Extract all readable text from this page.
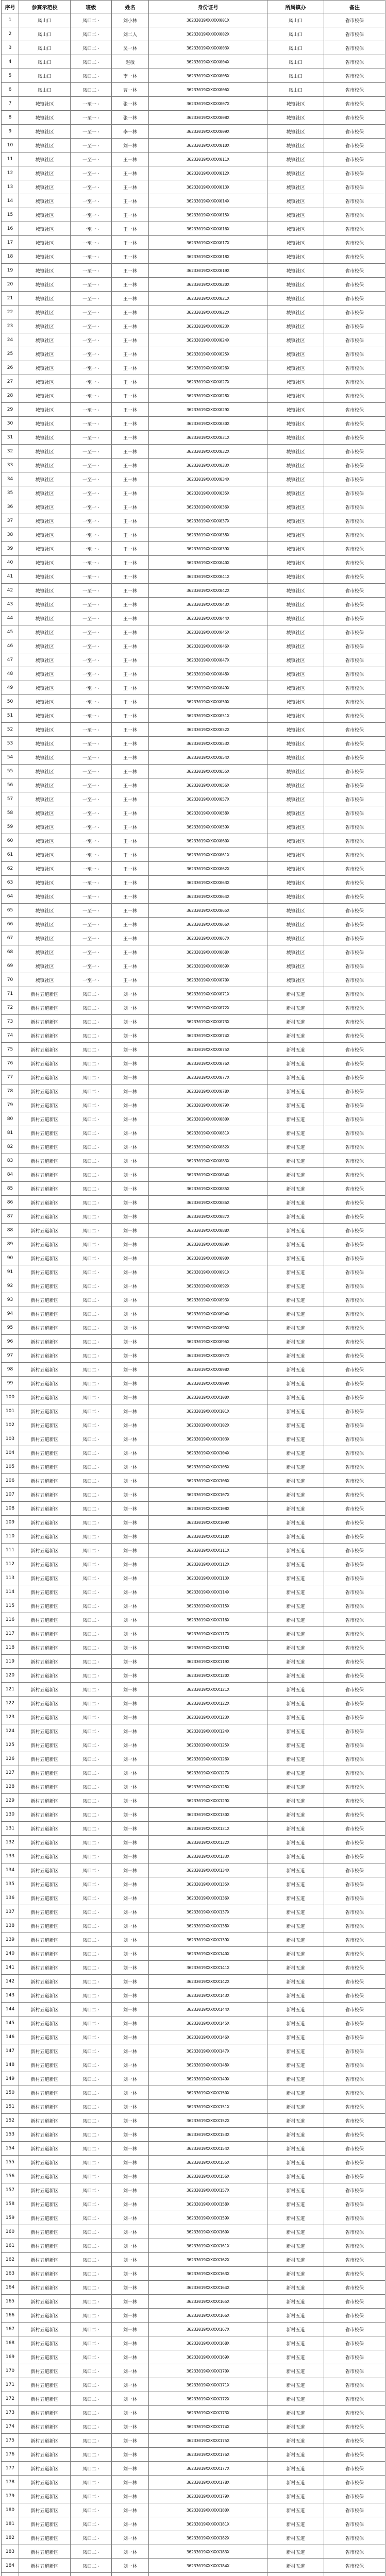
序号	参赛示范校	班级	姓名	身份证号	所属镇办	备注
1	凤山口	凤口二 ·	刘小林	36233019XXXXXX001X	凤山口	省市校保
2	凤山口	凤口二 ·	刘二人	36233019XXXXXX002X	凤山口	省市校保
3	凤山口	凤口二 ·	吴一林	36233019XXXXXX003X	凤山口	省市校保
4	凤山口	凤口二 ·	赵敏	36233019XXXXXX004X	凤山口	省市校保
5	凤山口	凤口二 ·	李一林	36233019XXXXXX005X	凤山口	省市校保
6	凤山口	凤口二 ·	曹一林	36233019XXXXXX006X	凤山口	省市校保
7	城镇社区	一至一 ·	张一林	36233019XXXXXX007X	城镇社区	省市校保
8	城镇社区	一至一 ·	张一林	36233019XXXXXX008X	城镇社区	省市校保
9	城镇社区	一至一 ·	李一林	36233019XXXXXX009X	城镇社区	省市校保
10	城镇社区	一至一 ·	刘一林	36233019XXXXXX010X	城镇社区	省市校保
11	城镇社区	一至一 ·	王一林	36233019XXXXXX011X	城镇社区	省市校保
12	城镇社区	一至一 ·	王一林	36233019XXXXXX012X	城镇社区	省市校保
13	城镇社区	一至一 ·	王一林	36233019XXXXXX013X	城镇社区	省市校保
14	城镇社区	一至一 ·	王一林	36233019XXXXXX014X	城镇社区	省市校保
15	城镇社区	一至一 ·	王一林	36233019XXXXXX015X	城镇社区	省市校保
16	城镇社区	一至一 ·	王一林	36233019XXXXXX016X	城镇社区	省市校保
17	城镇社区	一至一 ·	王一林	36233019XXXXXX017X	城镇社区	省市校保
18	城镇社区	一至一 ·	王一林	36233019XXXXXX018X	城镇社区	省市校保
19	城镇社区	一至一 ·	王一林	36233019XXXXXX019X	城镇社区	省市校保
20	城镇社区	一至一 ·	王一林	36233019XXXXXX020X	城镇社区	省市校保
21	城镇社区	一至一 ·	王一林	36233019XXXXXX021X	城镇社区	省市校保
22	城镇社区	一至一 ·	王一林	36233019XXXXXX022X	城镇社区	省市校保
23	城镇社区	一至一 ·	王一林	36233019XXXXXX023X	城镇社区	省市校保
24	城镇社区	一至一 ·	王一林	36233019XXXXXX024X	城镇社区	省市校保
25	城镇社区	一至一 ·	王一林	36233019XXXXXX025X	城镇社区	省市校保
26	城镇社区	一至一 ·	王一林	36233019XXXXXX026X	城镇社区	省市校保
27	城镇社区	一至一 ·	王一林	36233019XXXXXX027X	城镇社区	省市校保
28	城镇社区	一至一 ·	王一林	36233019XXXXXX028X	城镇社区	省市校保
29	城镇社区	一至一 ·	王一林	36233019XXXXXX029X	城镇社区	省市校保
30	城镇社区	一至一 ·	王一林	36233019XXXXXX030X	城镇社区	省市校保
31	城镇社区	一至一 ·	王一林	36233019XXXXXX031X	城镇社区	省市校保
32	城镇社区	一至一 ·	王一林	36233019XXXXXX032X	城镇社区	省市校保
33	城镇社区	一至一 ·	王一林	36233019XXXXXX033X	城镇社区	省市校保
34	城镇社区	一至一 ·	王一林	36233019XXXXXX034X	城镇社区	省市校保
35	城镇社区	一至一 ·	王一林	36233019XXXXXX035X	城镇社区	省市校保
36	城镇社区	一至一 ·	王一林	36233019XXXXXX036X	城镇社区	省市校保
37	城镇社区	一至一 ·	王一林	36233019XXXXXX037X	城镇社区	省市校保
38	城镇社区	一至一 ·	王一林	36233019XXXXXX038X	城镇社区	省市校保
39	城镇社区	一至一 ·	王一林	36233019XXXXXX039X	城镇社区	省市校保
40	城镇社区	一至一 ·	王一林	36233019XXXXXX040X	城镇社区	省市校保
41	城镇社区	一至一 ·	王一林	36233019XXXXXX041X	城镇社区	省市校保
42	城镇社区	一至一 ·	王一林	36233019XXXXXX042X	城镇社区	省市校保
43	城镇社区	一至一 ·	王一林	36233019XXXXXX043X	城镇社区	省市校保
44	城镇社区	一至一 ·	王一林	36233019XXXXXX044X	城镇社区	省市校保
45	城镇社区	一至一 ·	王一林	36233019XXXXXX045X	城镇社区	省市校保
46	城镇社区	一至一 ·	王一林	36233019XXXXXX046X	城镇社区	省市校保
47	城镇社区	一至一 ·	王一林	36233019XXXXXX047X	城镇社区	省市校保
48	城镇社区	一至一 ·	王一林	36233019XXXXXX048X	城镇社区	省市校保
49	城镇社区	一至一 ·	王一林	36233019XXXXXX049X	城镇社区	省市校保
50	城镇社区	一至一 ·	王一林	36233019XXXXXX050X	城镇社区	省市校保
51	城镇社区	一至一 ·	王一林	36233019XXXXXX051X	城镇社区	省市校保
52	城镇社区	一至一 ·	王一林	36233019XXXXXX052X	城镇社区	省市校保
53	城镇社区	一至一 ·	王一林	36233019XXXXXX053X	城镇社区	省市校保
54	城镇社区	一至一 ·	王一林	36233019XXXXXX054X	城镇社区	省市校保
55	城镇社区	一至一 ·	王一林	36233019XXXXXX055X	城镇社区	省市校保
56	城镇社区	一至一 ·	王一林	36233019XXXXXX056X	城镇社区	省市校保
57	城镇社区	一至一 ·	王一林	36233019XXXXXX057X	城镇社区	省市校保
58	城镇社区	一至一 ·	王一林	36233019XXXXXX058X	城镇社区	省市校保
59	城镇社区	一至一 ·	王一林	36233019XXXXXX059X	城镇社区	省市校保
60	城镇社区	一至一 ·	王一林	36233019XXXXXX060X	城镇社区	省市校保
61	城镇社区	一至一 ·	王一林	36233019XXXXXX061X	城镇社区	省市校保
62	城镇社区	一至一 ·	王一林	36233019XXXXXX062X	城镇社区	省市校保
63	城镇社区	一至一 ·	王一林	36233019XXXXXX063X	城镇社区	省市校保
64	城镇社区	一至一 ·	王一林	36233019XXXXXX064X	城镇社区	省市校保
65	城镇社区	一至一 ·	王一林	36233019XXXXXX065X	城镇社区	省市校保
66	城镇社区	一至一 ·	王一林	36233019XXXXXX066X	城镇社区	省市校保
67	城镇社区	一至一 ·	王一林	36233019XXXXXX067X	城镇社区	省市校保
68	城镇社区	一至一 ·	王一林	36233019XXXXXX068X	城镇社区	省市校保
69	城镇社区	一至一 ·	王一林	36233019XXXXXX069X	城镇社区	省市校保
70	城镇社区	一至一 ·	王一林	36233019XXXXXX070X	城镇社区	省市校保
71	新村五道新区	凤口二 ·	刘一林	36233019XXXXXX071X	新村五道	省市校保
72	新村五道新区	凤口二 ·	刘一林	36233019XXXXXX072X	新村五道	省市校保
73	新村五道新区	凤口二 ·	刘一林	36233019XXXXXX073X	新村五道	省市校保
74	新村五道新区	凤口二 ·	刘一林	36233019XXXXXX074X	新村五道	省市校保
75	新村五道新区	凤口二 ·	刘一林	36233019XXXXXX075X	新村五道	省市校保
76	新村五道新区	凤口二 ·	刘一林	36233019XXXXXX076X	新村五道	省市校保
77	新村五道新区	凤口二 ·	刘一林	36233019XXXXXX077X	新村五道	省市校保
78	新村五道新区	凤口二 ·	刘一林	36233019XXXXXX078X	新村五道	省市校保
79	新村五道新区	凤口二 ·	刘一林	36233019XXXXXX079X	新村五道	省市校保
80	新村五道新区	凤口二 ·	刘一林	36233019XXXXXX080X	新村五道	省市校保
81	新村五道新区	凤口二 ·	刘一林	36233019XXXXXX081X	新村五道	省市校保
82	新村五道新区	凤口二 ·	刘一林	36233019XXXXXX082X	新村五道	省市校保
83	新村五道新区	凤口二 ·	刘一林	36233019XXXXXX083X	新村五道	省市校保
84	新村五道新区	凤口二 ·	刘一林	36233019XXXXXX084X	新村五道	省市校保
85	新村五道新区	凤口二 ·	刘一林	36233019XXXXXX085X	新村五道	省市校保
86	新村五道新区	凤口二 ·	刘一林	36233019XXXXXX086X	新村五道	省市校保
87	新村五道新区	凤口二 ·	刘一林	36233019XXXXXX087X	新村五道	省市校保
88	新村五道新区	凤口二 ·	刘一林	36233019XXXXXX088X	新村五道	省市校保
89	新村五道新区	凤口二 ·	刘一林	36233019XXXXXX089X	新村五道	省市校保
90	新村五道新区	凤口二 ·	刘一林	36233019XXXXXX090X	新村五道	省市校保
91	新村五道新区	凤口二 ·	刘一林	36233019XXXXXX091X	新村五道	省市校保
92	新村五道新区	凤口二 ·	刘一林	36233019XXXXXX092X	新村五道	省市校保
93	新村五道新区	凤口二 ·	刘一林	36233019XXXXXX093X	新村五道	省市校保
94	新村五道新区	凤口二 ·	刘一林	36233019XXXXXX094X	新村五道	省市校保
95	新村五道新区	凤口二 ·	刘一林	36233019XXXXXX095X	新村五道	省市校保
96	新村五道新区	凤口二 ·	刘一林	36233019XXXXXX096X	新村五道	省市校保
97	新村五道新区	凤口二 ·	刘一林	36233019XXXXXX097X	新村五道	省市校保
98	新村五道新区	凤口二 ·	刘一林	36233019XXXXXX098X	新村五道	省市校保
99	新村五道新区	凤口二 ·	刘一林	36233019XXXXXX099X	新村五道	省市校保
100	新村五道新区	凤口二 ·	刘一林	36233019XXXXXX100X	新村五道	省市校保
101	新村五道新区	凤口二 ·	刘一林	36233019XXXXXX101X	新村五道	省市校保
102	新村五道新区	凤口二 ·	刘一林	36233019XXXXXX102X	新村五道	省市校保
103	新村五道新区	凤口二 ·	刘一林	36233019XXXXXX103X	新村五道	省市校保
104	新村五道新区	凤口二 ·	刘一林	36233019XXXXXX104X	新村五道	省市校保
105	新村五道新区	凤口二 ·	刘一林	36233019XXXXXX105X	新村五道	省市校保
106	新村五道新区	凤口二 ·	刘一林	36233019XXXXXX106X	新村五道	省市校保
107	新村五道新区	凤口二 ·	刘一林	36233019XXXXXX107X	新村五道	省市校保
108	新村五道新区	凤口二 ·	刘一林	36233019XXXXXX108X	新村五道	省市校保
109	新村五道新区	凤口二 ·	刘一林	36233019XXXXXX109X	新村五道	省市校保
110	新村五道新区	凤口二 ·	刘一林	36233019XXXXXX110X	新村五道	省市校保
111	新村五道新区	凤口二 ·	刘一林	36233019XXXXXX111X	新村五道	省市校保
112	新村五道新区	凤口二 ·	刘一林	36233019XXXXXX112X	新村五道	省市校保
113	新村五道新区	凤口二 ·	刘一林	36233019XXXXXX113X	新村五道	省市校保
114	新村五道新区	凤口二 ·	刘一林	36233019XXXXXX114X	新村五道	省市校保
115	新村五道新区	凤口二 ·	刘一林	36233019XXXXXX115X	新村五道	省市校保
116	新村五道新区	凤口二 ·	刘一林	36233019XXXXXX116X	新村五道	省市校保
117	新村五道新区	凤口二 ·	刘一林	36233019XXXXXX117X	新村五道	省市校保
118	新村五道新区	凤口二 ·	刘一林	36233019XXXXXX118X	新村五道	省市校保
119	新村五道新区	凤口二 ·	刘一林	36233019XXXXXX119X	新村五道	省市校保
120	新村五道新区	凤口二 ·	刘一林	36233019XXXXXX120X	新村五道	省市校保
121	新村五道新区	凤口二 ·	刘一林	36233019XXXXXX121X	新村五道	省市校保
122	新村五道新区	凤口二 ·	刘一林	36233019XXXXXX122X	新村五道	省市校保
123	新村五道新区	凤口二 ·	刘一林	36233019XXXXXX123X	新村五道	省市校保
124	新村五道新区	凤口二 ·	刘一林	36233019XXXXXX124X	新村五道	省市校保
125	新村五道新区	凤口二 ·	刘一林	36233019XXXXXX125X	新村五道	省市校保
126	新村五道新区	凤口二 ·	刘一林	36233019XXXXXX126X	新村五道	省市校保
127	新村五道新区	凤口二 ·	刘一林	36233019XXXXXX127X	新村五道	省市校保
128	新村五道新区	凤口二 ·	刘一林	36233019XXXXXX128X	新村五道	省市校保
129	新村五道新区	凤口二 ·	刘一林	36233019XXXXXX129X	新村五道	省市校保
130	新村五道新区	凤口二 ·	刘一林	36233019XXXXXX130X	新村五道	省市校保
131	新村五道新区	凤口二 ·	刘一林	36233019XXXXXX131X	新村五道	省市校保
132	新村五道新区	凤口二 ·	刘一林	36233019XXXXXX132X	新村五道	省市校保
133	新村五道新区	凤口二 ·	刘一林	36233019XXXXXX133X	新村五道	省市校保
134	新村五道新区	凤口二 ·	刘一林	36233019XXXXXX134X	新村五道	省市校保
135	新村五道新区	凤口二 ·	刘一林	36233019XXXXXX135X	新村五道	省市校保
136	新村五道新区	凤口二 ·	刘一林	36233019XXXXXX136X	新村五道	省市校保
137	新村五道新区	凤口二 ·	刘一林	36233019XXXXXX137X	新村五道	省市校保
138	新村五道新区	凤口二 ·	刘一林	36233019XXXXXX138X	新村五道	省市校保
139	新村五道新区	凤口二 ·	刘一林	36233019XXXXXX139X	新村五道	省市校保
140	新村五道新区	凤口二 ·	刘一林	36233019XXXXXX140X	新村五道	省市校保
141	新村五道新区	凤口二 ·	刘一林	36233019XXXXXX141X	新村五道	省市校保
142	新村五道新区	凤口二 ·	刘一林	36233019XXXXXX142X	新村五道	省市校保
143	新村五道新区	凤口二 ·	刘一林	36233019XXXXXX143X	新村五道	省市校保
144	新村五道新区	凤口二 ·	刘一林	36233019XXXXXX144X	新村五道	省市校保
145	新村五道新区	凤口二 ·	刘一林	36233019XXXXXX145X	新村五道	省市校保
146	新村五道新区	凤口二 ·	刘一林	36233019XXXXXX146X	新村五道	省市校保
147	新村五道新区	凤口二 ·	刘一林	36233019XXXXXX147X	新村五道	省市校保
148	新村五道新区	凤口二 ·	刘一林	36233019XXXXXX148X	新村五道	省市校保
149	新村五道新区	凤口二 ·	刘一林	36233019XXXXXX149X	新村五道	省市校保
150	新村五道新区	凤口二 ·	刘一林	36233019XXXXXX150X	新村五道	省市校保
151	新村五道新区	凤口二 ·	刘一林	36233019XXXXXX151X	新村五道	省市校保
152	新村五道新区	凤口二 ·	刘一林	36233019XXXXXX152X	新村五道	省市校保
153	新村五道新区	凤口二 ·	刘一林	36233019XXXXXX153X	新村五道	省市校保
154	新村五道新区	凤口二 ·	刘一林	36233019XXXXXX154X	新村五道	省市校保
155	新村五道新区	凤口二 ·	刘一林	36233019XXXXXX155X	新村五道	省市校保
156	新村五道新区	凤口二 ·	刘一林	36233019XXXXXX156X	新村五道	省市校保
157	新村五道新区	凤口二 ·	刘一林	36233019XXXXXX157X	新村五道	省市校保
158	新村五道新区	凤口二 ·	刘一林	36233019XXXXXX158X	新村五道	省市校保
159	新村五道新区	凤口二 ·	刘一林	36233019XXXXXX159X	新村五道	省市校保
160	新村五道新区	凤口二 ·	刘一林	36233019XXXXXX160X	新村五道	省市校保
161	新村五道新区	凤口二 ·	刘一林	36233019XXXXXX161X	新村五道	省市校保
162	新村五道新区	凤口二 ·	刘一林	36233019XXXXXX162X	新村五道	省市校保
163	新村五道新区	凤口二 ·	刘一林	36233019XXXXXX163X	新村五道	省市校保
164	新村五道新区	凤口二 ·	刘一林	36233019XXXXXX164X	新村五道	省市校保
165	新村五道新区	凤口二 ·	刘一林	36233019XXXXXX165X	新村五道	省市校保
166	新村五道新区	凤口二 ·	刘一林	36233019XXXXXX166X	新村五道	省市校保
167	新村五道新区	凤口二 ·	刘一林	36233019XXXXXX167X	新村五道	省市校保
168	新村五道新区	凤口二 ·	刘一林	36233019XXXXXX168X	新村五道	省市校保
169	新村五道新区	凤口二 ·	刘一林	36233019XXXXXX169X	新村五道	省市校保
170	新村五道新区	凤口二 ·	刘一林	36233019XXXXXX170X	新村五道	省市校保
171	新村五道新区	凤口二 ·	刘一林	36233019XXXXXX171X	新村五道	省市校保
172	新村五道新区	凤口二 ·	刘一林	36233019XXXXXX172X	新村五道	省市校保
173	新村五道新区	凤口二 ·	刘一林	36233019XXXXXX173X	新村五道	省市校保
174	新村五道新区	凤口二 ·	刘一林	36233019XXXXXX174X	新村五道	省市校保
175	新村五道新区	凤口二 ·	刘一林	36233019XXXXXX175X	新村五道	省市校保
176	新村五道新区	凤口二 ·	刘一林	36233019XXXXXX176X	新村五道	省市校保
177	新村五道新区	凤口二 ·	刘一林	36233019XXXXXX177X	新村五道	省市校保
178	新村五道新区	凤口二 ·	刘一林	36233019XXXXXX178X	新村五道	省市校保
179	新村五道新区	凤口二 ·	刘一林	36233019XXXXXX179X	新村五道	省市校保
180	新村五道新区	凤口二 ·	刘一林	36233019XXXXXX180X	新村五道	省市校保
181	新村五道新区	凤口二 ·	刘一林	36233019XXXXXX181X	新村五道	省市校保
182	新村五道新区	凤口二 ·	刘一林	36233019XXXXXX182X	新村五道	省市校保
183	新村五道新区	凤口二 ·	刘一林	36233019XXXXXX183X	新村五道	省市校保
184	新村五道新区	凤口二 ·	刘一林	36233019XXXXXX184X	新村五道	省市校保
